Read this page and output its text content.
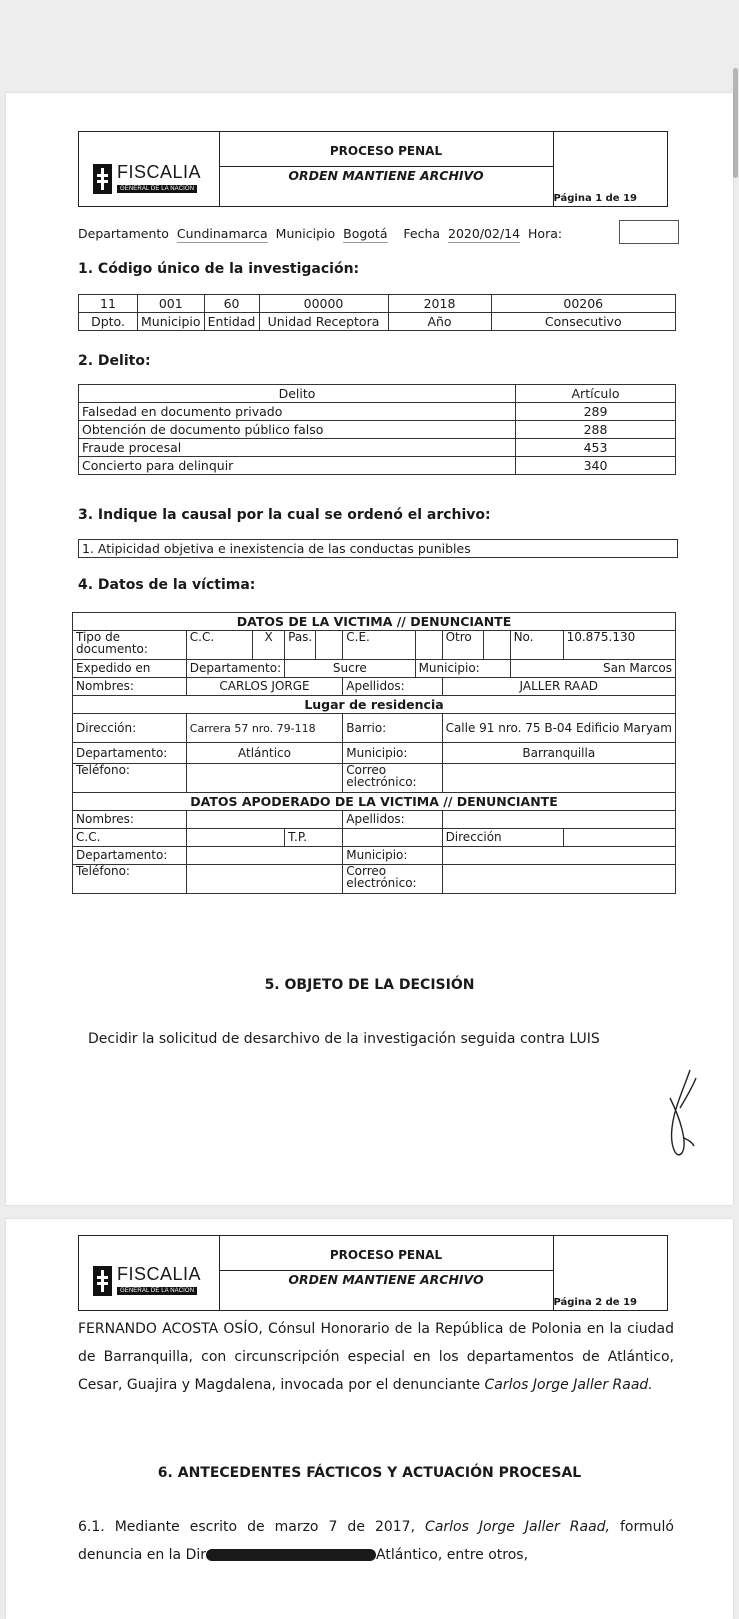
FISCALIA
GENERAL DE LA NACION
PROCESO PENAL
ORDEN MANTIENE ARCHIVO
Página 1 de 19
Departamento Cundinamarca Municipio Bogotá Fecha 2020/02/14 Hora:
1. Código único de la investigación:
11	001	60	00000	2018	00206
Dpto.	Municipio	Entidad	Unidad Receptora	Año	Consecutivo
2. Delito:
Delito	Artículo
Falsedad en documento privado	289
Obtención de documento público falso	288
Fraude procesal	453
Concierto para delinquir	340
3. Indique la causal por la cual se ordenó el archivo:
1. Atipicidad objetiva e inexistencia de las conductas punibles
4. Datos de la víctima:
DATOS DE LA VICTIMA // DENUNCIANTE										
Tipo de documento:	C.C.	X	Pas.		C.E.		Otro		No.	10.875.130
Expedido en	Departamento:		Sucre			Municipio:			San Marcos	
Nombres:	CARLOS JORGE				Apellidos:		JALLER RAAD			
Lugar de residencia										
Dirección:	Carrera 57 nro. 79-118				Barrio:		Calle 91 nro. 75 B-04 Edificio Maryam			
Departamento:	Atlántico				Municipio:		Barranquilla			
Teléfono:					Correo electrónico:					
DATOS APODERADO DE LA VICTIMA // DENUNCIANTE										
Nombres:					Apellidos:					
C.C.			T.P.				Dirección			
Departamento:					Municipio:					
Teléfono:					Correo electrónico:					
5. OBJETO DE LA DECISIÓN
Decidir la solicitud de desarchivo de la investigación seguida contra LUIS
FISCALIA
GENERAL DE LA NACION
PROCESO PENAL
ORDEN MANTIENE ARCHIVO
Página 2 de 19
FERNANDO ACOSTA OSÍO, Cónsul Honorario de la República de Polonia en la ciudad de Barranquilla, con circunscripción especial en los departamentos de Atlántico, Cesar, Guajira y Magdalena, invocada por el denunciante Carlos Jorge Jaller Raad.
6. ANTECEDENTES FÁCTICOS Y ACTUACIÓN PROCESAL
6.1. Mediante escrito de marzo 7 de 2017, Carlos Jorge Jaller Raad, formuló denuncia en la Dir	Atlántico, entre otros,
